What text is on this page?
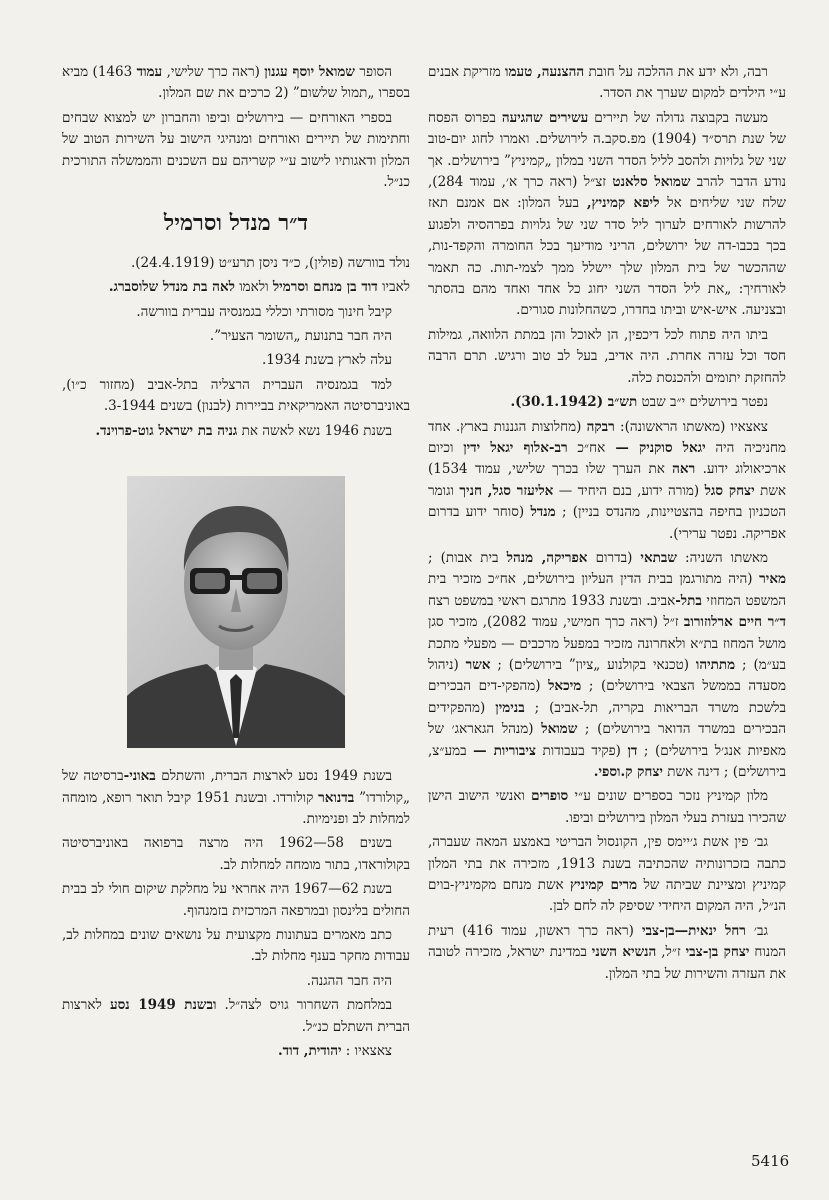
רבה, ולא ידע את ההלכה על חובת ההצנעה, טעמו מזריקת אבנים ע״י הילדים למקום שערך את הסדר.

מעשה בקבוצה גדולה של תיירים עשירים שהגיעה בפרוס הפסח של שנת תרס״ד (1904) מפ.סקב.ה לירושלים. ואמרו לחוג יום-טוב שני של גלויות ולהסב לליל הסדר השני במלון „קמיניץ” בירושלים. אך נודע הדבר להרב שמואל סלאנט זצ״ל (ראה כרך א׳, עמוד 284), שלח שני שליחים אל ליפא קמיניץ, בעל המלון: אם אמנם תאז להרשות לאורחים לערוך ליל סדר שני של גלויות בפרהסיה ולפגוע בכך בכבו-דה של ירושלים, הריני מודיעך בכל החומרה והקפד-נות, שההכשר של בית המלון שלך יישלל ממך לצמי-תות. כה תאמר לאורחיך: „את ליל הסדר השני יחוג כל אחד ואחד מהם בהסתר ובצניעה. איש-איש וביתו בחדרו, כשהחלונות סגורים.

ביתו היה פתוח לכל דיכפין, הן לאוכל והן במתת הלוואה, גמילות חסד וכל עזרה אחרת. היה אדיב, בעל לב טוב ורגיש. תרם הרבה להחזקת יתומים ולהכנסת כלה.

נפטר בירושלים י״ב שבט תש״ב (30.1.1942).

צאצאיו (מאשתו הראשונה): רבקה (מחלוצות הגננות בארץ. אחד מחניכיה היה יגאל סוקניק — אח״כ רב-אלוף יגאל ידין וכיום ארכיאולוג ידוע. ראה את הערך שלו בכרך שלישי, עמוד 1534) אשת יצחק סגל (מורה ידוע, בנם היחיד — אליעזר סגל, חניך וגומר הטכניון בחיפה בהצטיינות, מהנדס בניין) ; מנדל (סוחר ידוע בדרום אפריקה. נפטר ערירי).

מאשתו השניה: שבתאי (בדרום אפריקה, מנהל בית אבות) ; מאיר (היה מתורגמן בבית הדין העליון בירושלים, אח״כ מזכיר בית המשפט המחוזי בתל-אביב. ובשנת 1933 מתרגם ראשי במשפט רצח ד״ר חיים ארלוזורוב ז״ל (ראה כרך חמישי, עמוד 2082), מזכיר סגן מושל המחוז בת״א ולאחרונה מזכיר במפעל מרכבים — מפעלי מתכת בע״מ) ; מתתיהו (טכנאי בקולנוע „ציון” בירושלים) ; אשר (ניהול מסעדה בממשל הצבאי בירושלים) ; מיכאל (מהפקי-דים הבכירים בלשכת משרד הבריאות בקריה, תל-אביב) ; בנימין (מהפקידים הבכירים במשרד הדואר בירושלים) ; שמואל (מנהל הגאראג׳ של מאפיות אנג׳ל בירושלים) ; דן (פקיד בעבודות ציבוריות — במע״צ, בירושלים) ; דינה אשת יצחק ק.וספי.

מלון קמיניץ נזכר בספרים שונים ע״י סופרים ואנשי הישוב הישן שהכירו בעזרת בעלי המלון בירושלים וביפו.

גב׳ פין אשת ג׳יימס פין, הקונסול הבריטי באמצע המאה שעברה, כתבה בזכרונותיה שהכתיבה בשנת 1913, מזכירה את בתי המלון קמיניץ ומציינת שביתה של מרים קמיניץ אשת מנחם מקמיניץ-בוים הנ״ל, היה המקום היחידי שסיפק לה לחם לבן.

גב׳ רחל ינאית—בן-צבי (ראה כרך ראשון, עמוד 416) רעית המנוח יצחק בן-צבי ז״ל, הנשיא השני במדינת ישראל, מזכירה לטובה את העזרה והשירות של בתי המלון.

הסופר שמואל יוסף עגנון (ראה כרך שלישי, עמוד 1463) מביא בספרו „תמול שלשום” (2 כרכים את שם המלון.

בספרי האורחים — בירושלים וביפו והחברון יש למצוא שבחים וחתימות של תיירים ואורחים ומנהיגי הישוב על השירות הטוב של המלון ודאגותיו לישוב ע״י קשריהם עם השכנים והממשלה התורכית כנ״ל.

ד״ר מנדל וסרמיל

נולד בוורשה (פולין), כ״ד ניסן תרע״ט (24.4.1919).

לאביו דוד בן מנחם וסרמיל ולאמו לאה בת מנדל שלוסברג.

קיבל חינוך מסורתי וכללי בגמנסיה עברית בוורשה.

היה חבר בתנועת „השומר הצעיר”.

עלה לארץ בשנת 1934.

למד בגמנסיה העברית הרצליה בתל-אביב (מחזור כ״ו), באוניברסיטה האמריקאית בביירות (לבנון) בשנים 3-1944.

בשנת 1946 נשא לאשה את גניה בת ישראל גוט-פרוינד.

בשנת 1949 נסע לארצות הברית, והשתלם באוני-ברסיטה של „קולורדו” בדנואר קולורדו. ובשנת 1951 קיבל תואר רופא, מומחה למחלות לב ופנימיות.

בשנים 58—1962 היה מרצה ברפואה באוניברסיטה בקולוראדו, בתור מומחה למחלות לב.

בשנת 62—1967 היה אחראי על מחלקת שיקום חולי לב בבית החולים בלינסון ובמרפאה המרכזית בזמנהוף.

כתב מאמרים בעתונות מקצועית על נושאים שונים במחלות לב, עבודות מחקר בענף מחלות לב.

היה חבר ההגנה.

במלחמת השחרור גויס לצה״ל. ובשנת 1949 נסע לארצות הברית השתלם כנ״ל.

צאצאיו : יהודית, דוד.

5416
